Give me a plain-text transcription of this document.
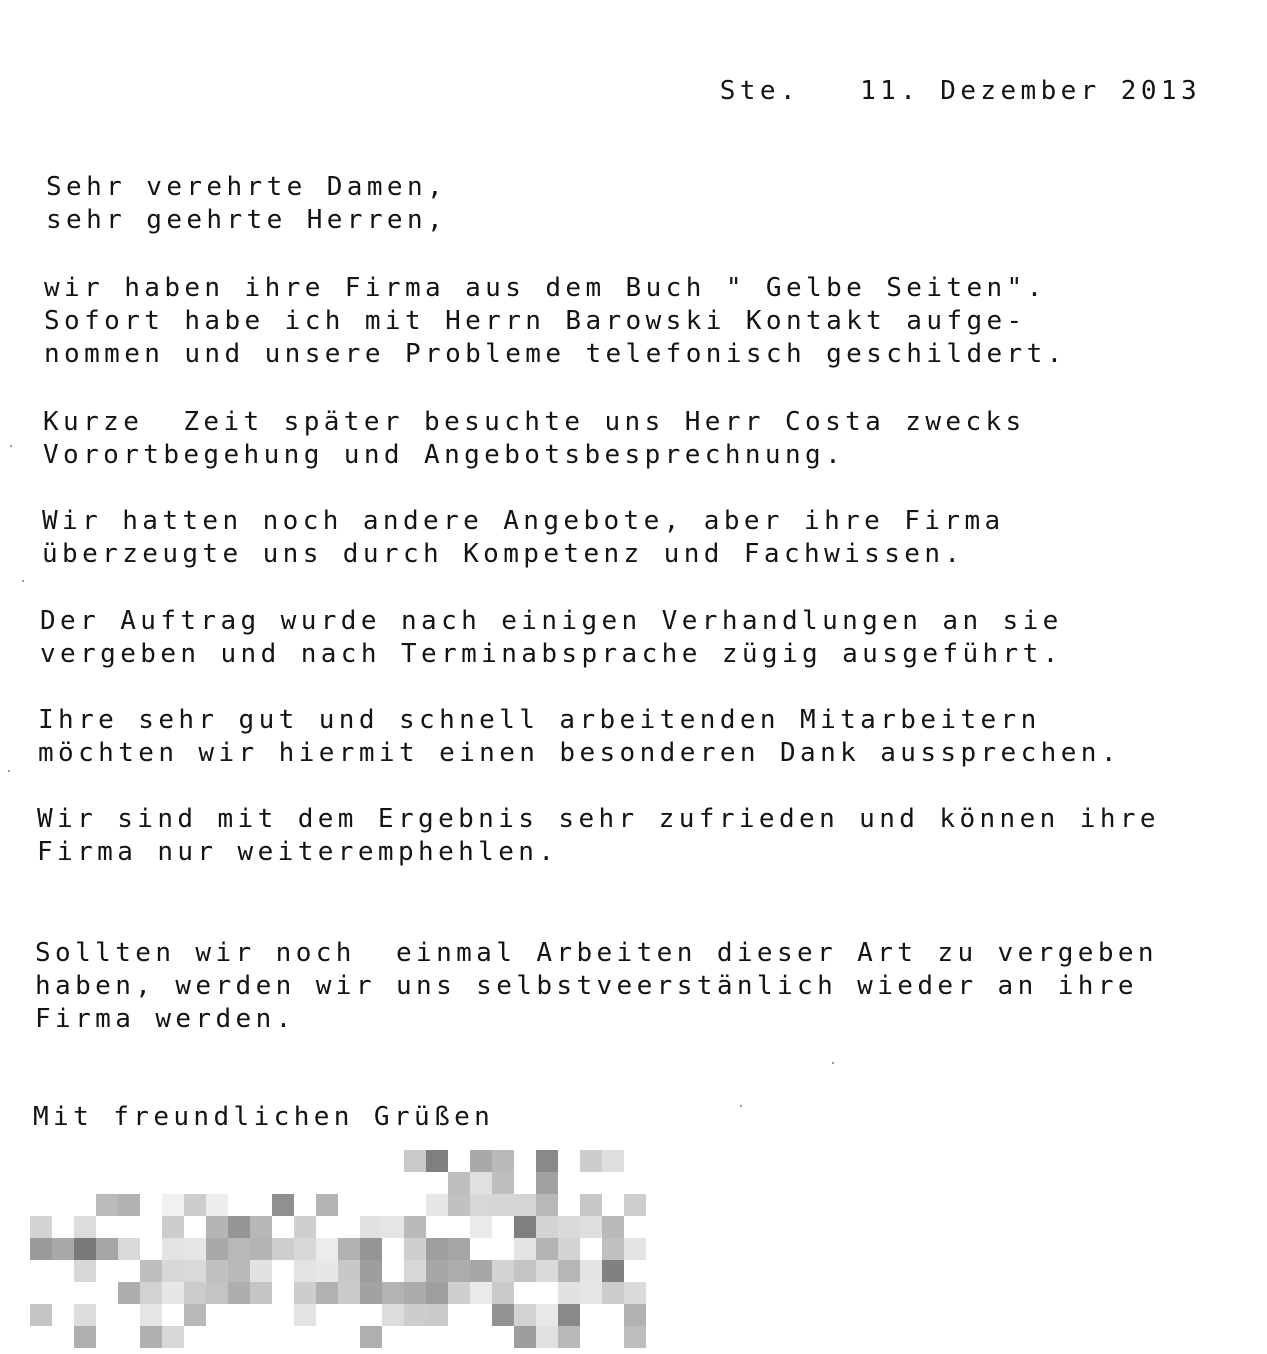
Ste.   11. Dezember 2013
Sehr verehrte Damen,
sehr geehrte Herren,
wir haben ihre Firma aus dem Buch " Gelbe Seiten".
Sofort habe ich mit Herrn Barowski Kontakt aufge-
nommen und unsere Probleme telefonisch geschildert.
Kurze  Zeit später besuchte uns Herr Costa zwecks
Vorortbegehung und Angebotsbesprechnung.
Wir hatten noch andere Angebote, aber ihre Firma
überzeugte uns durch Kompetenz und Fachwissen.
Der Auftrag wurde nach einigen Verhandlungen an sie
vergeben und nach Terminabsprache zügig ausgeführt.
Ihre sehr gut und schnell arbeitenden Mitarbeitern
möchten wir hiermit einen besonderen Dank aussprechen.
Wir sind mit dem Ergebnis sehr zufrieden und können ihre
Firma nur weiteremphehlen.
Sollten wir noch  einmal Arbeiten dieser Art zu vergeben
haben, werden wir uns selbstveerstänlich wieder an ihre
Firma werden.
Mit freundlichen Grüßen
